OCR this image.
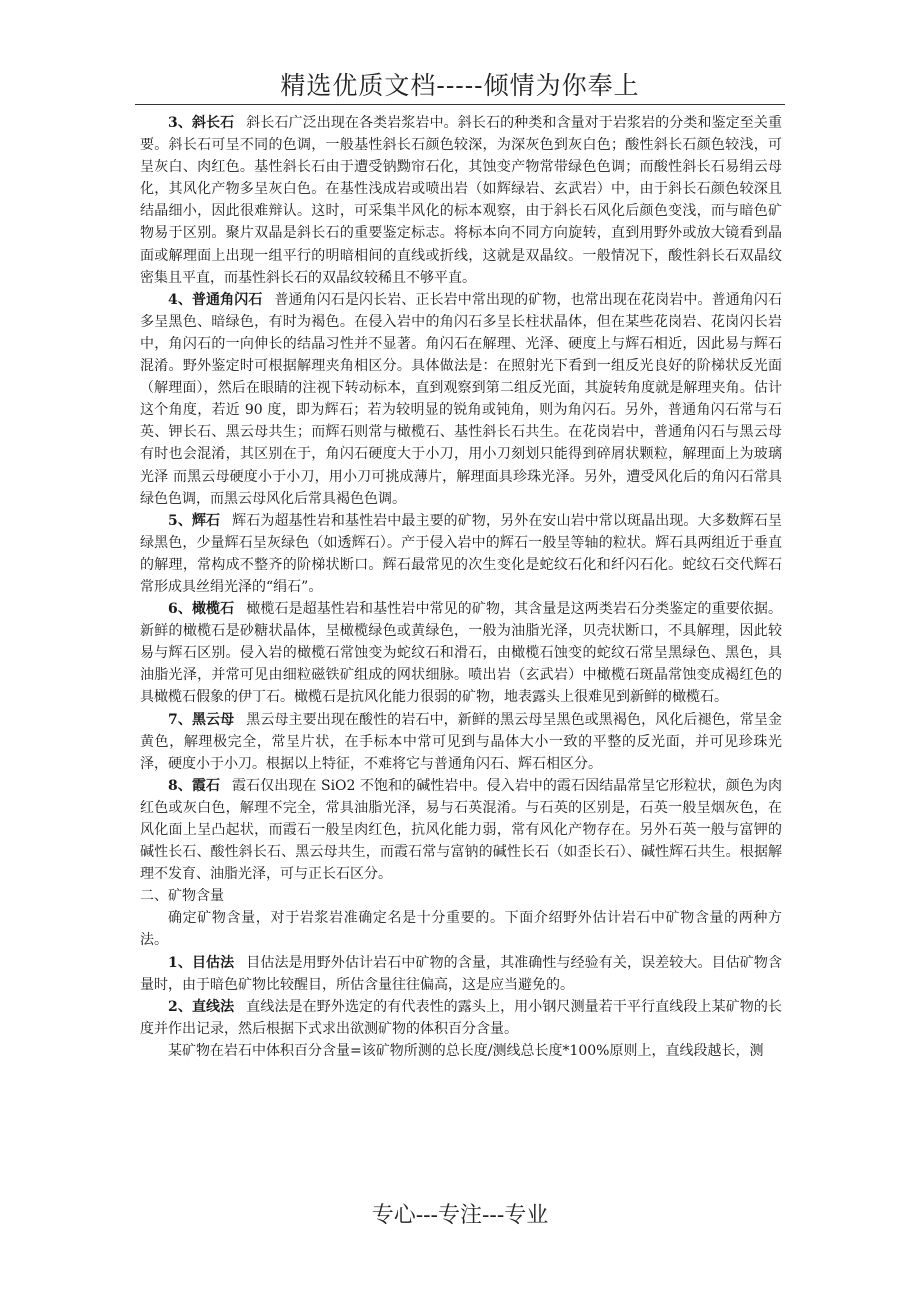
精选优质文档-----倾情为你奉上

3、斜长石 斜长石广泛出现在各类岩浆岩中。斜长石的种类和含量对于岩浆岩的分类和鉴定至关重要。斜长石可呈不同的色调，一般基性斜长石颜色较深，为深灰色到灰白色；酸性斜长石颜色较浅，可呈灰白、肉红色。基性斜长石由于遭受钠黝帘石化，其蚀变产物常带绿色色调；而酸性斜长石易绢云母化，其风化产物多呈灰白色。在基性浅成岩或喷出岩（如辉绿岩、玄武岩）中，由于斜长石颜色较深且结晶细小，因此很难辩认。这时，可采集半风化的标本观察，由于斜长石风化后颜色变浅，而与暗色矿物易于区别。聚片双晶是斜长石的重要鉴定标志。将标本向不同方向旋转，直到用野外或放大镜看到晶面或解理面上出现一组平行的明暗相间的直线或折线，这就是双晶纹。一般情况下，酸性斜长石双晶纹密集且平直，而基性斜长石的双晶纹较稀且不够平直。

4、普通角闪石 普通角闪石是闪长岩、正长岩中常出现的矿物，也常出现在花岗岩中。普通角闪石多呈黑色、暗绿色，有时为褐色。在侵入岩中的角闪石多呈长柱状晶体，但在某些花岗岩、花岗闪长岩中，角闪石的一向伸长的结晶习性并不显著。角闪石在解理、光泽、硬度上与辉石相近，因此易与辉石混淆。野外鉴定时可根据解理夹角相区分。具体做法是：在照射光下看到一组反光良好的阶梯状反光面（解理面），然后在眼睛的注视下转动标本，直到观察到第二组反光面，其旋转角度就是解理夹角。估计这个角度，若近 90 度，即为辉石；若为较明显的锐角或钝角，则为角闪石。另外，普通角闪石常与石英、钾长石、黑云母共生；而辉石则常与橄榄石、基性斜长石共生。在花岗岩中，普通角闪石与黑云母有时也会混淆，其区别在于，角闪石硬度大于小刀，用小刀刻划只能得到碎屑状颗粒，解理面上为玻璃光泽 而黑云母硬度小于小刀，用小刀可挑成薄片，解理面具珍珠光泽。另外，遭受风化后的角闪石常具绿色色调，而黑云母风化后常具褐色色调。

5、辉石 辉石为超基性岩和基性岩中最主要的矿物，另外在安山岩中常以斑晶出现。大多数辉石呈绿黑色，少量辉石呈灰绿色（如透辉石）。产于侵入岩中的辉石一般呈等轴的粒状。辉石具两组近于垂直的解理，常构成不整齐的阶梯状断口。辉石最常见的次生变化是蛇纹石化和纤闪石化。蛇纹石交代辉石常形成具丝绢光泽的“绢石”。

6、橄榄石 橄榄石是超基性岩和基性岩中常见的矿物，其含量是这两类岩石分类鉴定的重要依据。新鲜的橄榄石是砂糖状晶体，呈橄榄绿色或黄绿色，一般为油脂光泽，贝壳状断口，不具解理，因此较易与辉石区别。侵入岩的橄榄石常蚀变为蛇纹石和滑石，由橄榄石蚀变的蛇纹石常呈黑绿色、黑色，具油脂光泽，并常可见由细粒磁铁矿组成的网状细脉。喷出岩（玄武岩）中橄榄石斑晶常蚀变成褐红色的具橄榄石假象的伊丁石。橄榄石是抗风化能力很弱的矿物，地表露头上很难见到新鲜的橄榄石。

7、黑云母 黑云母主要出现在酸性的岩石中，新鲜的黑云母呈黑色或黑褐色，风化后褪色，常呈金黄色，解理极完全，常呈片状，在手标本中常可见到与晶体大小一致的平整的反光面，并可见珍珠光泽，硬度小于小刀。根据以上特征，不难将它与普通角闪石、辉石相区分。

8、霞石 霞石仅出现在 SiO2 不饱和的碱性岩中。侵入岩中的霞石因结晶常呈它形粒状，颜色为肉红色或灰白色，解理不完全，常具油脂光泽，易与石英混淆。与石英的区别是，石英一般呈烟灰色，在风化面上呈凸起状，而霞石一般呈肉红色，抗风化能力弱，常有风化产物存在。另外石英一般与富钾的碱性长石、酸性斜长石、黑云母共生，而霞石常与富钠的碱性长石（如歪长石）、碱性辉石共生。根据解理不发育、油脂光泽，可与正长石区分。

二、矿物含量

确定矿物含量，对于岩浆岩准确定名是十分重要的。下面介绍野外估计岩石中矿物含量的两种方法。

1、目估法 目估法是用野外估计岩石中矿物的含量，其准确性与经验有关，误差较大。目估矿物含量时，由于暗色矿物比较醒目，所估含量往往偏高，这是应当避免的。

2、直线法 直线法是在野外选定的有代表性的露头上，用小钢尺测量若干平行直线段上某矿物的长度并作出记录，然后根据下式求出欲测矿物的体积百分含量。

某矿物在岩石中体积百分含量=该矿物所测的总长度/测线总长度*100%原则上，直线段越长，测

专心---专注---专业
